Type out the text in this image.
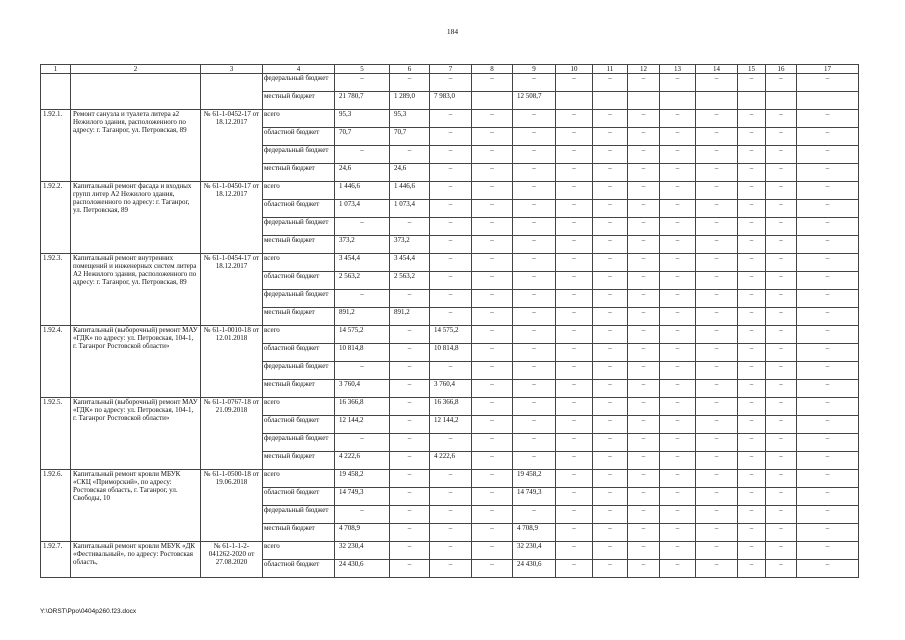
184
1	2	3	4	5	6	7	8	9	10	11	12	13	14	15	16	17
			федеральный бюджет	–	–	–	–	–	–	–	–	–	–	–	–	–
			местный бюджет	21 780,7	1 289,0	7 983,0		12 508,7								
1.92.1.	Ремонт санузла и туалета литера а2 Нежилого здания, расположенного по адресу: г. Таганрог, ул. Петровская, 89	№ 61-1-0452-17 от 18.12.2017	всего	95,3	95,3	–	–	–	–	–	–	–	–	–	–	–
			областной бюджет	70,7	70,7	–	–	–	–	–	–	–	–	–	–	–
			федеральный бюджет	–	–	–	–	–	–	–	–	–	–	–	–	–
			местный бюджет	24,6	24,6	–	–	–	–	–	–	–	–	–	–	–
1.92.2.	Капитальный ремонт фасада и входных групп литер А2 Нежилого здания, расположенного по адресу: г. Таганрог, ул. Петровская, 89	№ 61-1-0450-17 от 18.12.2017	всего	1 446,6	1 446,6	–	–	–	–	–	–	–	–	–	–	–
			областной бюджет	1 073,4	1 073,4	–	–	–	–	–	–	–	–	–	–	–
			федеральный бюджет	–	–	–	–	–	–	–	–	–	–	–	–	–
			местный бюджет	373,2	373,2	–	–	–	–	–	–	–	–	–	–	–
1.92.3.	Капитальный ремонт внутренних помещений и инженерных систем литера А2 Нежилого здания, расположенного по адресу: г. Таганрог, ул. Петровская, 89	№ 61-1-0454-17 от 18.12.2017	всего	3 454,4	3 454,4	–	–	–	–	–	–	–	–	–	–	–
			областной бюджет	2 563,2	2 563,2	–	–	–	–	–	–	–	–	–	–	–
			федеральный бюджет	–	–	–	–	–	–	–	–	–	–	–	–	–
			местный бюджет	891,2	891,2	–	–	–	–	–	–	–	–	–	–	–
1.92.4.	Капитальный (выборочный) ремонт МАУ «ГДК» по адресу: ул. Петровская, 104-1, г. Таганрог Ростовской области»	№ 61-1-0010-18 от 12.01.2018	всего	14 575,2	–	14 575,2	–	–	–	–	–	–	–	–	–	–
			областной бюджет	10 814,8	–	10 814,8	–	–	–	–	–	–	–	–	–	–
			федеральный бюджет	–	–	–	–	–	–	–	–	–	–	–	–	–
			местный бюджет	3 760,4	–	3 760,4	–	–	–	–	–	–	–	–	–	–
1.92.5.	Капитальный (выборочный) ремонт МАУ «ГДК» по адресу: ул. Петровская, 104-1, г. Таганрог Ростовской области»	№ 61-1-0767-18 от 21.09.2018	всего	16 366,8	–	16 366,8	–	–	–	–	–	–	–	–	–	–
			областной бюджет	12 144,2	–	12 144,2	–	–	–	–	–	–	–	–	–	–
			федеральный бюджет	–	–	–	–	–	–	–	–	–	–	–	–	–
			местный бюджет	4 222,6	–	4 222,6	–	–	–	–	–	–	–	–	–	–
1.92.6.	Капитальный ремонт кровли МБУК «СКЦ «Приморский», по адресу: Ростовская область, г. Таганрог, ул. Свободы, 10	№ 61-1-0500-18 от 19.06.2018	всего	19 458,2	–	–	–	19 458,2	–	–	–	–	–	–	–	–
			областной бюджет	14 749,3	–	–	–	14 749,3	–	–	–	–	–	–	–	–
			федеральный бюджет	–	–	–	–	–	–	–	–	–	–	–	–	–
			местный бюджет	4 708,9	–	–	–	4 708,9	–	–	–	–	–	–	–	–
1.92.7.	Капитальный ремонт кровли МБУК «ДК «Фестивальный», по адресу: Ростовская область,	№ 61-1-1-2-041262-2020 от 27.08.2020	всего	32 230,4	–	–	–	32 230,4	–	–	–	–	–	–	–	–
			областной бюджет	24 430,6	–	–	–	24 430,6	–	–	–	–	–	–	–	–
Y:\ORST\Ppo\0404p260.f23.docx
